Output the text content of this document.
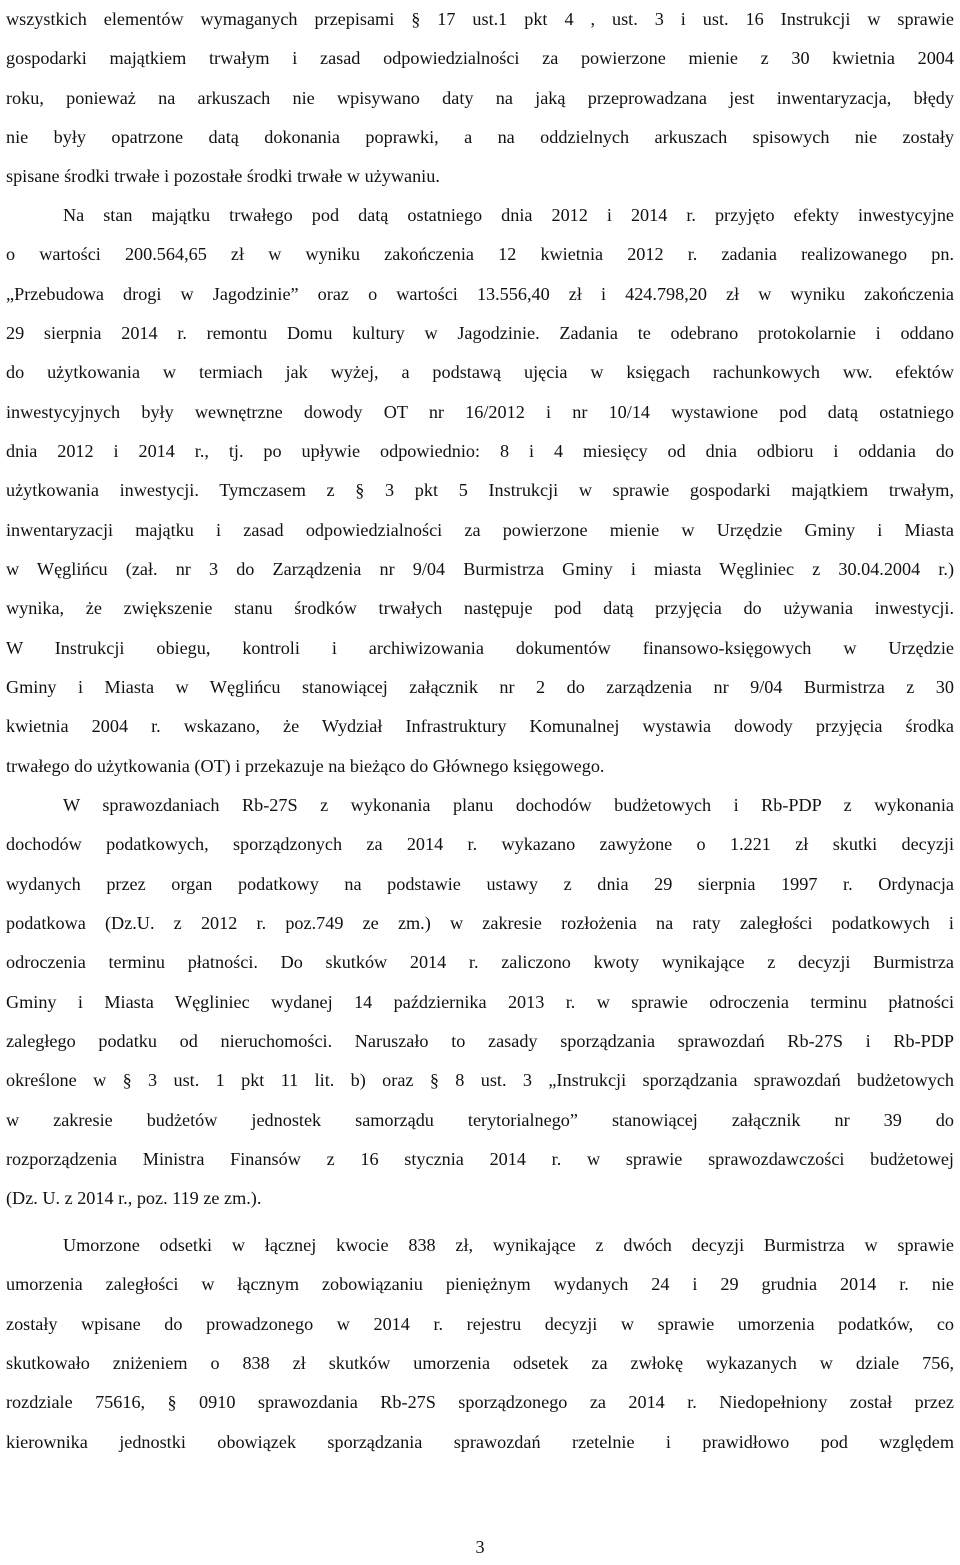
wszystkich elementów wymaganych przepisami § 17 ust.1 pkt 4 , ust. 3 i ust. 16 Instrukcji w sprawie
gospodarki majątkiem trwałym i zasad odpowiedzialności za powierzone mienie z 30 kwietnia 2004
roku, ponieważ na arkuszach nie wpisywano daty na jaką przeprowadzana jest inwentaryzacja, błędy
nie były opatrzone datą dokonania poprawki, a na oddzielnych arkuszach spisowych nie zostały
spisane środki trwałe i pozostałe środki trwałe w używaniu.
Na stan majątku trwałego pod datą ostatniego dnia 2012 i 2014 r. przyjęto efekty inwestycyjne
o wartości 200.564,65 zł w wyniku zakończenia 12 kwietnia 2012 r. zadania realizowanego pn.
„Przebudowa drogi w Jagodzinie” oraz o wartości 13.556,40 zł i 424.798,20 zł w wyniku zakończenia
29 sierpnia 2014 r. remontu Domu kultury w Jagodzinie. Zadania te odebrano protokolarnie i oddano
do użytkowania w termiach jak wyżej, a podstawą ujęcia w księgach rachunkowych ww. efektów
inwestycyjnych były wewnętrzne dowody OT nr 16/2012 i nr 10/14 wystawione pod datą ostatniego
dnia 2012 i 2014 r., tj. po upływie odpowiednio: 8 i 4 miesięcy od dnia odbioru i oddania do
użytkowania inwestycji. Tymczasem z § 3 pkt 5 Instrukcji w sprawie gospodarki majątkiem trwałym,
inwentaryzacji majątku i zasad odpowiedzialności za powierzone mienie w Urzędzie Gminy i Miasta
w Węglińcu (zał. nr 3 do Zarządzenia nr 9/04 Burmistrza Gminy i miasta Węgliniec z 30.04.2004 r.)
wynika, że zwiększenie stanu środków trwałych następuje pod datą przyjęcia do używania inwestycji.
W Instrukcji obiegu, kontroli i archiwizowania dokumentów finansowo-księgowych w Urzędzie
Gminy i Miasta w Węglińcu stanowiącej załącznik nr 2 do zarządzenia nr 9/04 Burmistrza z 30
kwietnia 2004 r. wskazano, że Wydział Infrastruktury Komunalnej wystawia dowody przyjęcia środka
trwałego do użytkowania (OT) i przekazuje na bieżąco do Głównego księgowego.
W sprawozdaniach Rb-27S z wykonania planu dochodów budżetowych i Rb-PDP z wykonania
dochodów podatkowych, sporządzonych za 2014 r. wykazano zawyżone o 1.221 zł skutki decyzji
wydanych przez organ podatkowy na podstawie ustawy z dnia 29 sierpnia 1997 r. Ordynacja
podatkowa (Dz.U. z 2012 r. poz.749 ze zm.) w zakresie rozłożenia na raty zaległości podatkowych i
odroczenia terminu płatności. Do skutków 2014 r. zaliczono kwoty wynikające z decyzji Burmistrza
Gminy i Miasta Węgliniec wydanej 14 października 2013 r. w sprawie odroczenia terminu płatności
zaległego podatku od nieruchomości. Naruszało to zasady sporządzania sprawozdań Rb-27S i Rb-PDP
określone w § 3 ust. 1 pkt 11 lit. b) oraz § 8 ust. 3 „Instrukcji sporządzania sprawozdań budżetowych
w zakresie budżetów jednostek samorządu terytorialnego” stanowiącej załącznik nr 39 do
rozporządzenia Ministra Finansów z 16 stycznia 2014 r. w sprawie sprawozdawczości budżetowej
(Dz. U. z 2014 r., poz. 119 ze zm.).
Umorzone odsetki w łącznej kwocie 838 zł, wynikające z dwóch decyzji Burmistrza w sprawie
umorzenia zaległości w łącznym zobowiązaniu pieniężnym wydanych 24 i 29 grudnia 2014 r. nie
zostały wpisane do prowadzonego w 2014 r. rejestru decyzji w sprawie umorzenia podatków, co
skutkowało zniżeniem o 838 zł skutków umorzenia odsetek za zwłokę wykazanych w dziale 756,
rozdziale 75616, § 0910 sprawozdania Rb-27S sporządzonego za 2014 r. Niedopełniony został przez
kierownika jednostki obowiązek sporządzania sprawozdań rzetelnie i prawidłowo pod względem
3
